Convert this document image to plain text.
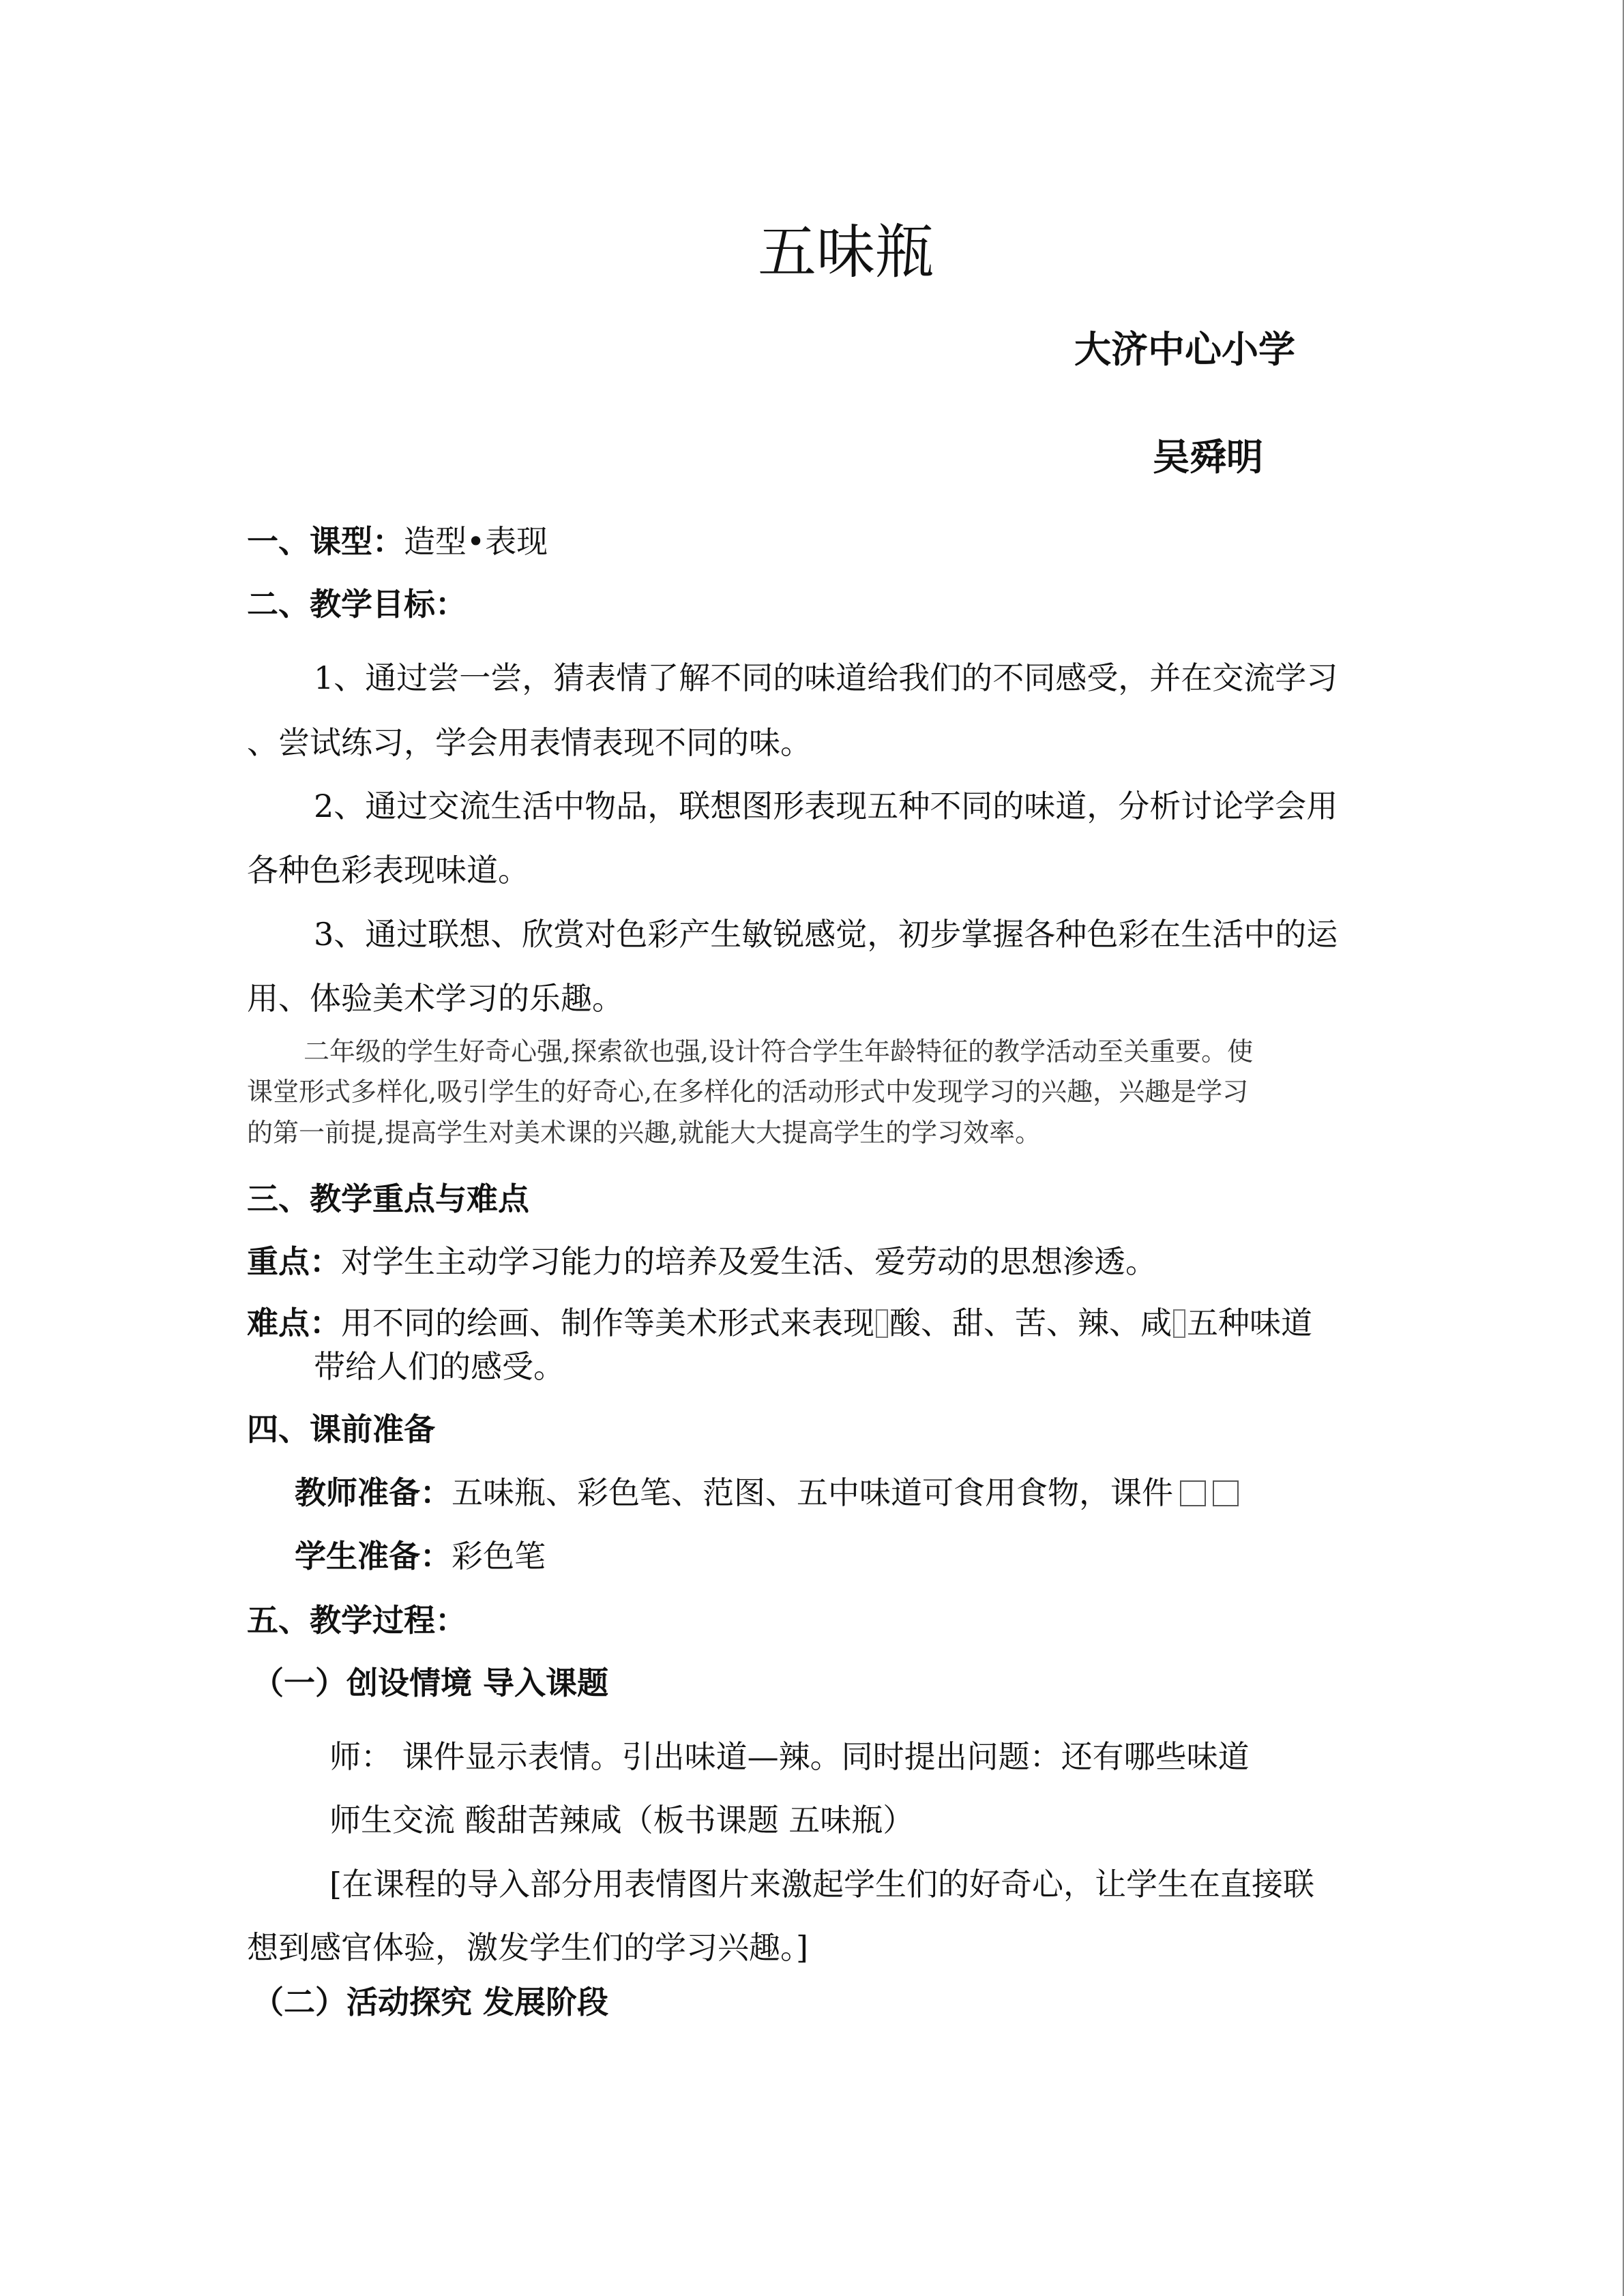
五味瓶
大济中心小学
吴舜明
一、课型：造型•表现
二、教学目标：
1、通过尝一尝，猜表情了解不同的味道给我们的不同感受，并在交流学习
、尝试练习，学会用表情表现不同的味。
2、通过交流生活中物品，联想图形表现五种不同的味道，分析讨论学会用
各种色彩表现味道。
3、通过联想、欣赏对色彩产生敏锐感觉，初步掌握各种色彩在生活中的运
用、体验美术学习的乐趣。
二年级的学生好奇心强,探索欲也强,设计符合学生年龄特征的教学活动至关重要。使
课堂形式多样化,吸引学生的好奇心,在多样化的活动形式中发现学习的兴趣，兴趣是学习
的第一前提,提高学生对美术课的兴趣,就能大大提高学生的学习效率。
三、教学重点与难点
重点：对学生主动学习能力的培养及爱生活、爱劳动的思想渗透。
难点：用不同的绘画、制作等美术形式来表现 酸、甜、苦、辣、咸 五种味道
带给人们的感受。
四、课前准备
教师准备：五味瓶、彩色笔、范图、五中味道可食用食物，课件
学生准备：彩色笔
五、教学过程：
（一）创设情境 导入课题
师： 课件显示表情。引出味道—辣。同时提出问题：还有哪些味道
师生交流 酸甜苦辣咸（板书课题 五味瓶）
[在课程的导入部分用表情图片来激起学生们的好奇心，让学生在直接联
想到感官体验，激发学生们的学习兴趣。]
（二）活动探究 发展阶段
